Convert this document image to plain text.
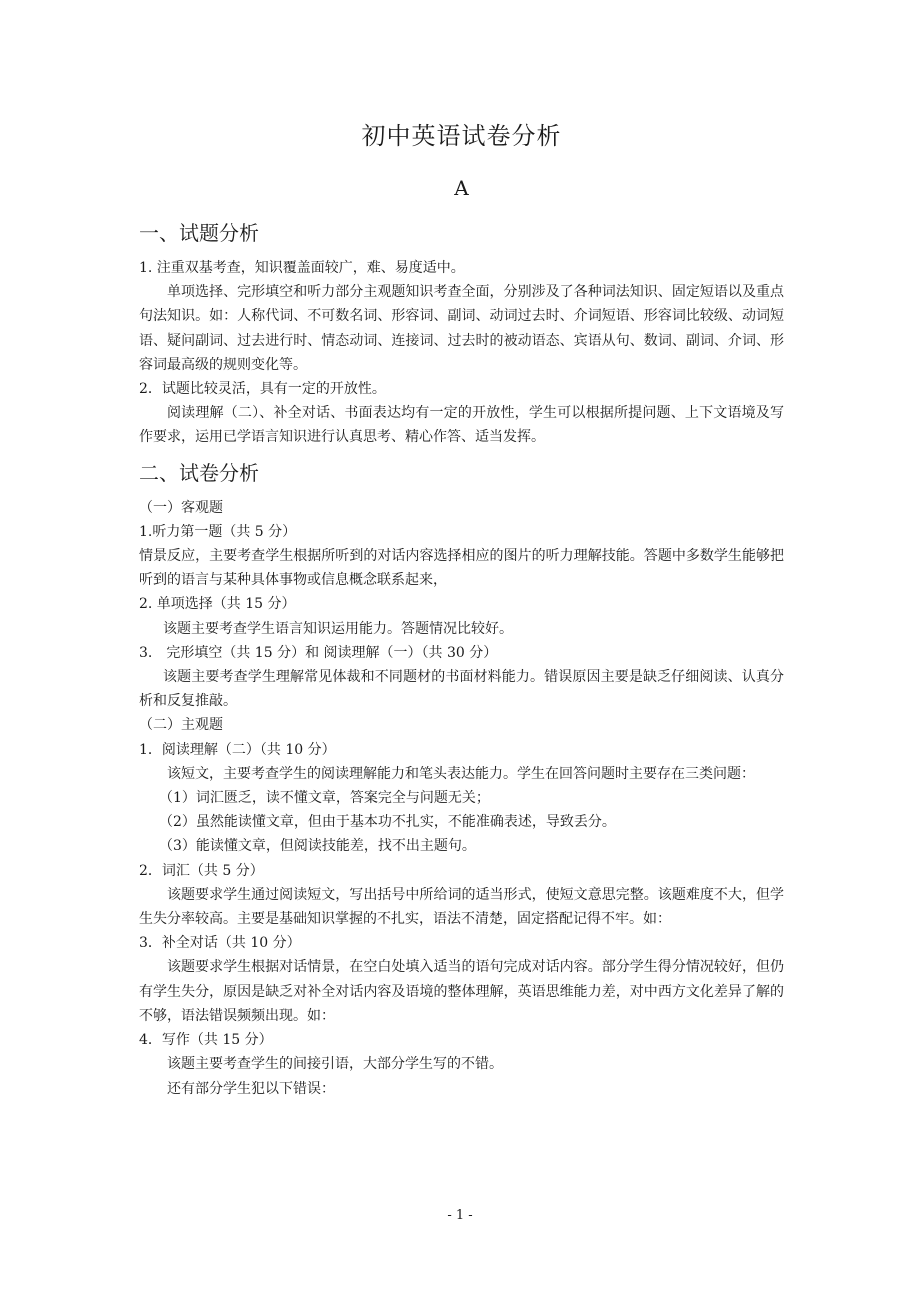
初中英语试卷分析
A
一、试题分析

1. 注重双基考查，知识覆盖面较广，难、易度适中。

单项选择、完形填空和听力部分主观题知识考查全面，分别涉及了各种词法知识、固定短语以及重点句法知识。如：人称代词、不可数名词、形容词、副词、动词过去时、介词短语、形容词比较级、动词短语、疑问副词、过去进行时、情态动词、连接词、过去时的被动语态、宾语从句、数词、副词、介词、形容词最高级的规则变化等。

2．试题比较灵活，具有一定的开放性。

阅读理解（二）、补全对话、书面表达均有一定的开放性，学生可以根据所提问题、上下文语境及写作要求，运用已学语言知识进行认真思考、精心作答、适当发挥。

二、试卷分析

（一）客观题

1.听力第一题（共 5 分）

情景反应，主要考查学生根据所听到的对话内容选择相应的图片的听力理解技能。答题中多数学生能够把听到的语言与某种具体事物或信息概念联系起来，

2. 单项选择（共 15 分）

该题主要考查学生语言知识运用能力。答题情况比较好。

3.　完形填空（共 15 分）和 阅读理解（一）（共 30 分）

该题主要考查学生理解常见体裁和不同题材的书面材料能力。错误原因主要是缺乏仔细阅读、认真分析和反复推敲。

（二）主观题

1．阅读理解（二）（共 10 分）

该短文，主要考查学生的阅读理解能力和笔头表达能力。学生在回答问题时主要存在三类问题：

（1）词汇匮乏，读不懂文章，答案完全与问题无关；

（2）虽然能读懂文章，但由于基本功不扎实，不能准确表述，导致丢分。

（3）能读懂文章，但阅读技能差，找不出主题句。

2．词汇（共 5 分）

该题要求学生通过阅读短文，写出括号中所给词的适当形式，使短文意思完整。该题难度不大，但学生失分率较高。主要是基础知识掌握的不扎实，语法不清楚，固定搭配记得不牢。如：

3．补全对话（共 10 分）

该题要求学生根据对话情景，在空白处填入适当的语句完成对话内容。部分学生得分情况较好，但仍有学生失分，原因是缺乏对补全对话内容及语境的整体理解，英语思维能力差，对中西方文化差异了解的不够，语法错误频频出现。如：

4．写作（共 15 分）

该题主要考查学生的间接引语，大部分学生写的不错。

还有部分学生犯以下错误：

- 1 -
